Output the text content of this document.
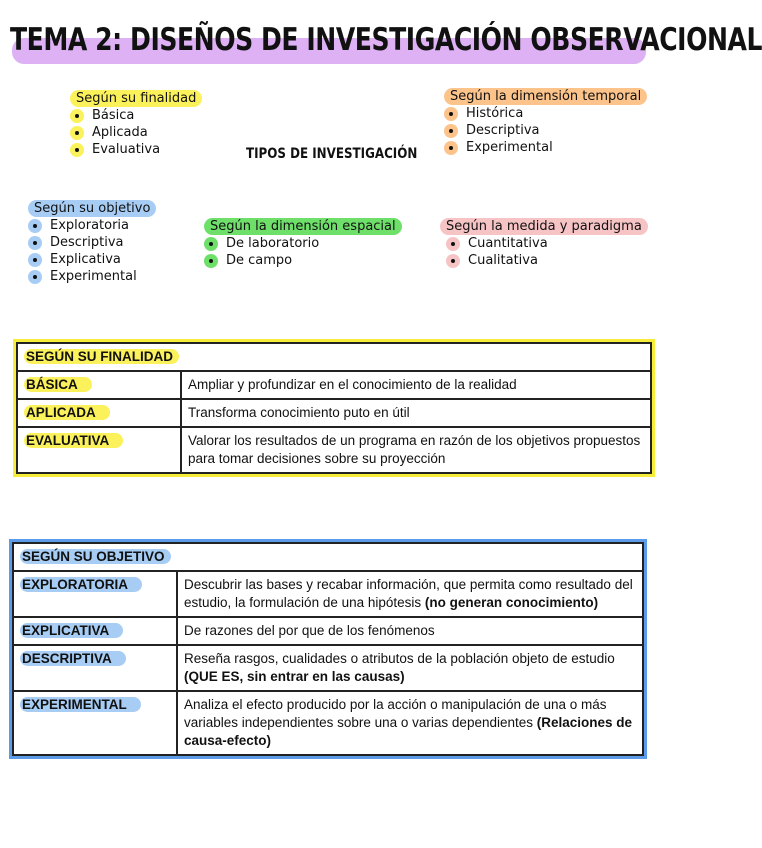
TEMA 2: DISEÑOS DE INVESTIGACIÓN OBSERVACIONAL
Según su finalidad
Básica
Aplicada
Evaluativa
Según la dimensión temporal
Histórica
Descriptiva
Experimental
TIPOS DE INVESTIGACIÓN
Según su objetivo
Exploratoria
Descriptiva
Explicativa
Experimental
Según la dimensión espacial
De laboratorio
De campo
Según la medida y paradigma
Cuantitativa
Cualitativa
SEGÚN SU FINALIDAD	
BÁSICA	Ampliar y profundizar en el conocimiento de la realidad
APLICADA	Transforma conocimiento puto en útil
EVALUATIVA	Valorar los resultados de un programa en razón de los objetivos propuestos para tomar decisiones sobre su proyección
SEGÚN SU OBJETIVO	
EXPLORATORIA	Descubrir las bases y recabar información, que permita como resultado del estudio, la formulación de una hipótesis (no generan conocimiento)
EXPLICATIVA	De razones del por que de los fenómenos
DESCRIPTIVA	Reseña rasgos, cualidades o atributos de la población objeto de estudio (QUE ES, sin entrar en las causas)
EXPERIMENTAL	Analiza el efecto producido por la acción o manipulación de una o más variables independientes sobre una o varias dependientes (Relaciones de causa-efecto)
